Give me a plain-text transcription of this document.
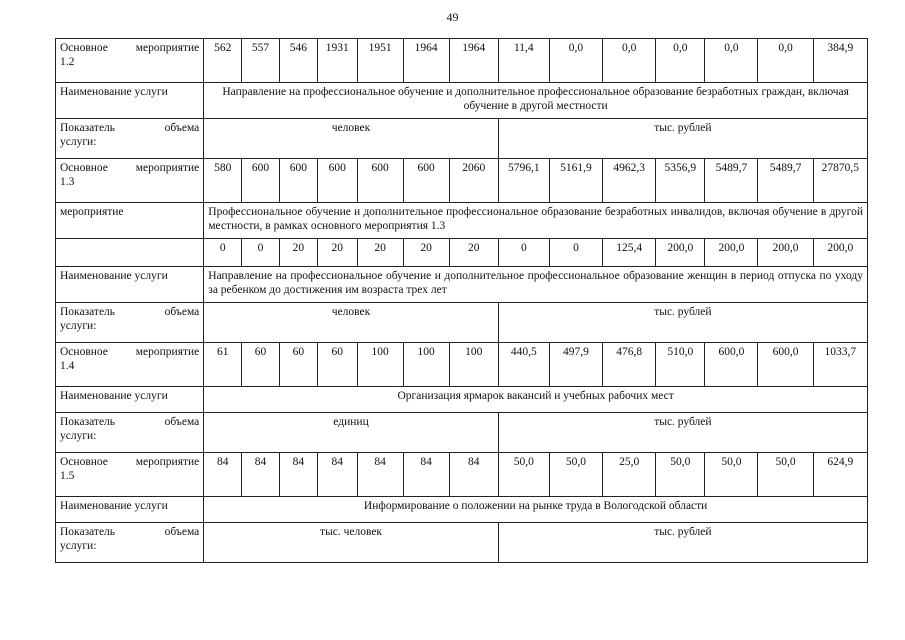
49
Основное мероприятие
1.2	562	557	546	1931	1951	1964	1964	11,4	0,0	0,0	0,0	0,0	0,0	384,9
Наименование услуги	Направление на профессиональное обучение и дополнительное профессиональное образование безработных граждан, включая обучение в другой местности													

Показатель объема
услуги:	человек							тыс. рублей						

Основное мероприятие
1.3	580	600	600	600	600	600	2060	5796,1	5161,9	4962,3	5356,9	5489,7	5489,7	27870,5
мероприятие	Профессиональное обучение и дополнительное профессиональное образование безработных инвалидов, включая обучение в другой местности, в рамках основного мероприятия 1.3													

	0	0	20	20	20	20	20	0	0	125,4	200,0	200,0	200,0	200,0
Наименование услуги	Направление на профессиональное обучение и дополнительное профессиональное образование женщин в период отпуска по уходу за ребенком до достижения им возраста трех лет													

Показатель объема
услуги:	человек							тыс. рублей						

Основное мероприятие
1.4	61	60	60	60	100	100	100	440,5	497,9	476,8	510,0	600,0	600,0	1033,7
Наименование услуги	Организация ярмарок вакансий и учебных рабочих мест													

Показатель объема
услуги:	единиц							тыс. рублей						

Основное мероприятие
1.5	84	84	84	84	84	84	84	50,0	50,0	25,0	50,0	50,0	50,0	624,9
Наименование услуги	Информирование о положении на рынке труда в Вологодской области													

Показатель объема
услуги:	тыс. человек							тыс. рублей						
